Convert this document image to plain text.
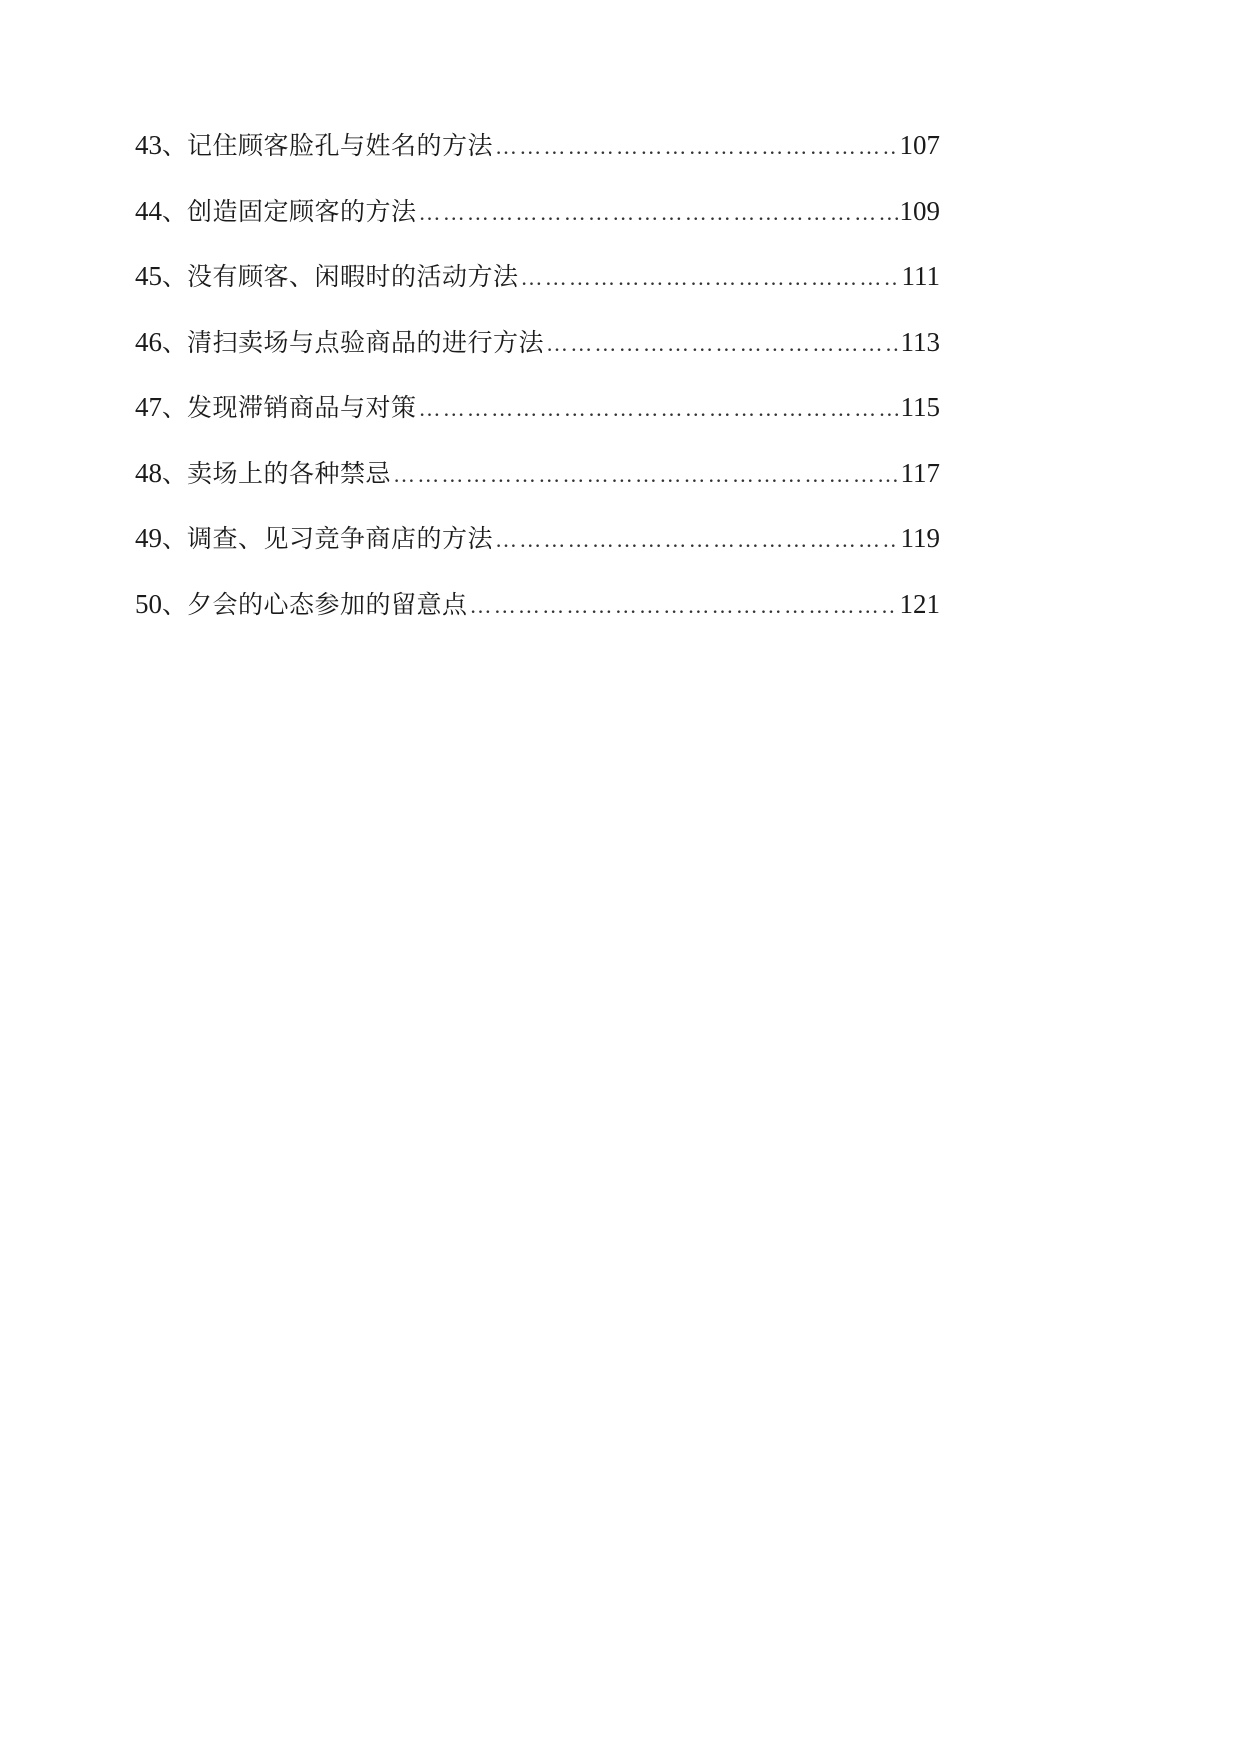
43 、 记住顾客脸孔与姓名的方法 ………………………………………………………………………………………………………………………………………………………………………………………………	107
44 、 创造固定顾客的方法 ………………………………………………………………………………………………………………………………………………………………………………………………	109
45 、 没有顾客、闲暇时的活动方法 ………………………………………………………………………………………………………………………………………………………………………………………………	111
46 、 清扫卖场与点验商品的进行方法 ………………………………………………………………………………………………………………………………………………………………………………………………	113
47 、 发现滞销商品与对策 ………………………………………………………………………………………………………………………………………………………………………………………………	115
48 、 卖场上的各种禁忌 ………………………………………………………………………………………………………………………………………………………………………………………………	117
49 、 调查、见习竞争商店的方法 ………………………………………………………………………………………………………………………………………………………………………………………………	119
50 、 夕会的心态参加的留意点 ………………………………………………………………………………………………………………………………………………………………………………………………	121
